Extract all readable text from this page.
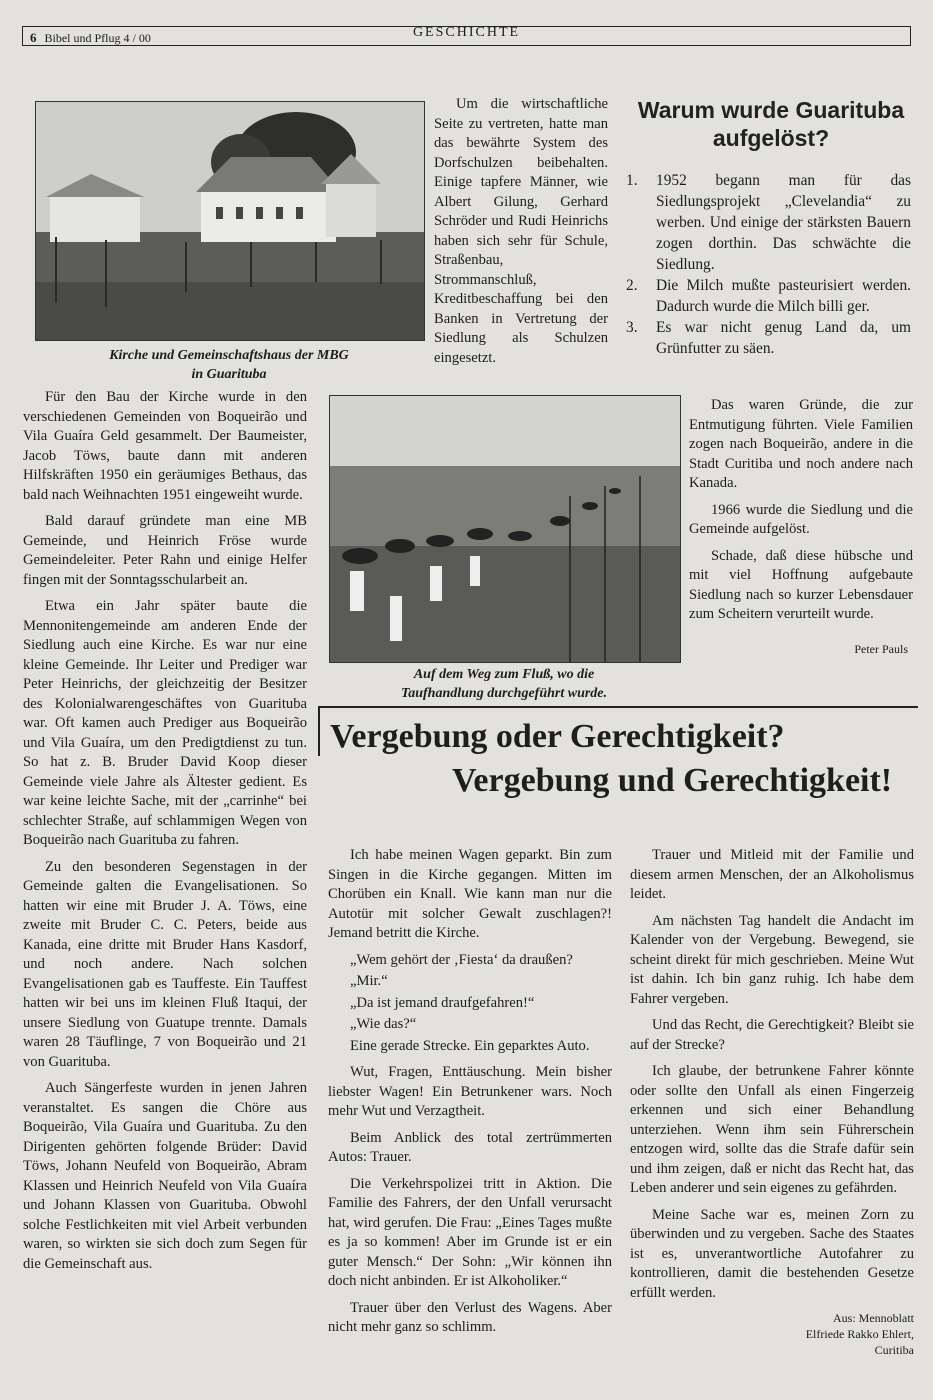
6 Bibel und Pflug 4 / 00	GESCHICHTE
Kirche und Gemeinschaftshaus der MBG
in Guarituba

Für den Bau der Kirche wurde in den verschiedenen Gemeinden von Boqueirão und Vila Guaíra Geld gesammelt. Der Baumeister, Jacob Töws, baute dann mit anderen Hilfskräften 1950 ein geräumiges Bethaus, das bald nach Weihnachten 1951 eingeweiht wurde.

Bald darauf gründete man eine MB Gemeinde, und Heinrich Fröse wurde Gemeindeleiter. Peter Rahn und einige Helfer fingen mit der Sonntagsschularbeit an.

Etwa ein Jahr später baute die Mennonitengemeinde am anderen Ende der Siedlung auch eine Kirche. Es war nur eine kleine Gemeinde. Ihr Leiter und Prediger war Peter Heinrichs, der gleichzeitig der Besitzer des Kolonialwarengeschäftes von Guarituba war. Oft kamen auch Prediger aus Boqueirão und Vila Guaíra, um den Predigtdienst zu tun. So hat z. B. Bruder David Koop dieser Gemeinde viele Jahre als Ältester gedient. Es war keine leichte Sache, mit der „carrinhe“ bei schlechter Straße, auf schlammigen Wegen von Boqueirão nach Guarituba zu fahren.

Zu den besonderen Segenstagen in der Gemeinde galten die Evangelisationen. So hatten wir eine mit Bruder J. A. Töws, eine zweite mit Bruder C. C. Peters, beide aus Kanada, eine dritte mit Bruder Hans Kasdorf, und noch andere. Nach solchen Evangelisationen gab es Tauffeste. Ein Tauffest hatten wir bei uns im kleinen Fluß Itaqui, der unsere Siedlung von Guatupe trennte. Damals waren 28 Täuflinge, 7 von Boqueirão und 21 von Guarituba.

Auch Sängerfeste wurden in jenen Jahren veranstaltet. Es sangen die Chöre aus Boqueirão, Vila Guaíra und Guarituba. Zu den Dirigenten gehörten folgende Brüder: David Töws, Johann Neufeld von Boqueirão, Abram Klassen und Heinrich Neufeld von Vila Guaíra und Johann Klassen von Guarituba. Obwohl solche Festlichkeiten mit viel Arbeit verbunden waren, so wirkten sie sich doch zum Segen für die Gemeinschaft aus.

Um die wirtschaftliche Seite zu vertreten, hatte man das bewährte System des Dorfschulzen beibehalten. Einige tapfere Männer, wie Albert Gilung, Gerhard Schröder und Rudi Heinrichs haben sich sehr für Schule, Straßenbau, Strommanschluß, Kreditbeschaffung bei den Banken in Vertretung der Siedlung als Schulzen eingesetzt.

Warum wurde Guarituba
aufgelöst?
1. 1952 begann man für das Siedlungsprojekt „Clevelandia“ zu werben. Und einige der stärksten Bauern zogen dorthin. Das schwächte die Siedlung.
2. Die Milch mußte pasteurisiert werden. Dadurch wurde die Milch billi ger.
3. Es war nicht genug Land da, um Grünfutter zu säen.

Das waren Gründe, die zur Entmutigung führten. Viele Familien zogen nach Boqueirão, andere in die Stadt Curitiba und noch andere nach Kanada.

1966 wurde die Siedlung und die Gemeinde aufgelöst.

Schade, daß diese hübsche und mit viel Hoffnung aufgebaute Siedlung nach so kurzer Lebensdauer zum Scheitern verurteilt wurde.

Peter Pauls
Auf dem Weg zum Fluß, wo die
Taufhandlung durchgeführt wurde.
Vergebung oder Gerechtigkeit?
Vergebung und Gerechtigkeit!

Ich habe meinen Wagen geparkt. Bin zum Singen in die Kirche gegangen. Mitten im Chorüben ein Knall. Wie kann man nur die Autotür mit solcher Gewalt zuschlagen?! Jemand betritt die Kirche.

„Wem gehört der ‚Fiesta‘ da draußen?

„Mir.“

„Da ist jemand draufgefahren!“

„Wie das?“

Eine gerade Strecke. Ein geparktes Auto.

Wut, Fragen, Enttäuschung. Mein bisher liebster Wagen! Ein Betrunkener wars. Noch mehr Wut und Verzagtheit.

Beim Anblick des total zertrümmerten Autos: Trauer.

Die Verkehrspolizei tritt in Aktion. Die Familie des Fahrers, der den Unfall verursacht hat, wird gerufen. Die Frau: „Eines Tages mußte es ja so kommen! Aber im Grunde ist er ein guter Mensch.“ Der Sohn: „Wir können ihn doch nicht anbinden. Er ist Alkoholiker.“

Trauer über den Verlust des Wagens. Aber nicht mehr ganz so schlimm.

Trauer und Mitleid mit der Familie und diesem armen Menschen, der an Alkoholismus leidet.

Am nächsten Tag handelt die Andacht im Kalender von der Vergebung. Bewegend, sie scheint direkt für mich geschrieben. Meine Wut ist dahin. Ich bin ganz ruhig. Ich habe dem Fahrer vergeben.

Und das Recht, die Gerechtigkeit? Bleibt sie auf der Strecke?

Ich glaube, der betrunkene Fahrer könnte oder sollte den Unfall als einen Fingerzeig erkennen und sich einer Behandlung unterziehen. Wenn ihm sein Führerschein entzogen wird, sollte das die Strafe dafür sein und ihm zeigen, daß er nicht das Recht hat, das Leben anderer und sein eigenes zu gefährden.

Meine Sache war es, meinen Zorn zu überwinden und zu vergeben. Sache des Staates ist es, unverantwortliche Autofahrer zu kontrollieren, damit die bestehenden Gesetze erfüllt werden.

Aus: Mennoblatt
Elfriede Rakko Ehlert,
Curitiba
